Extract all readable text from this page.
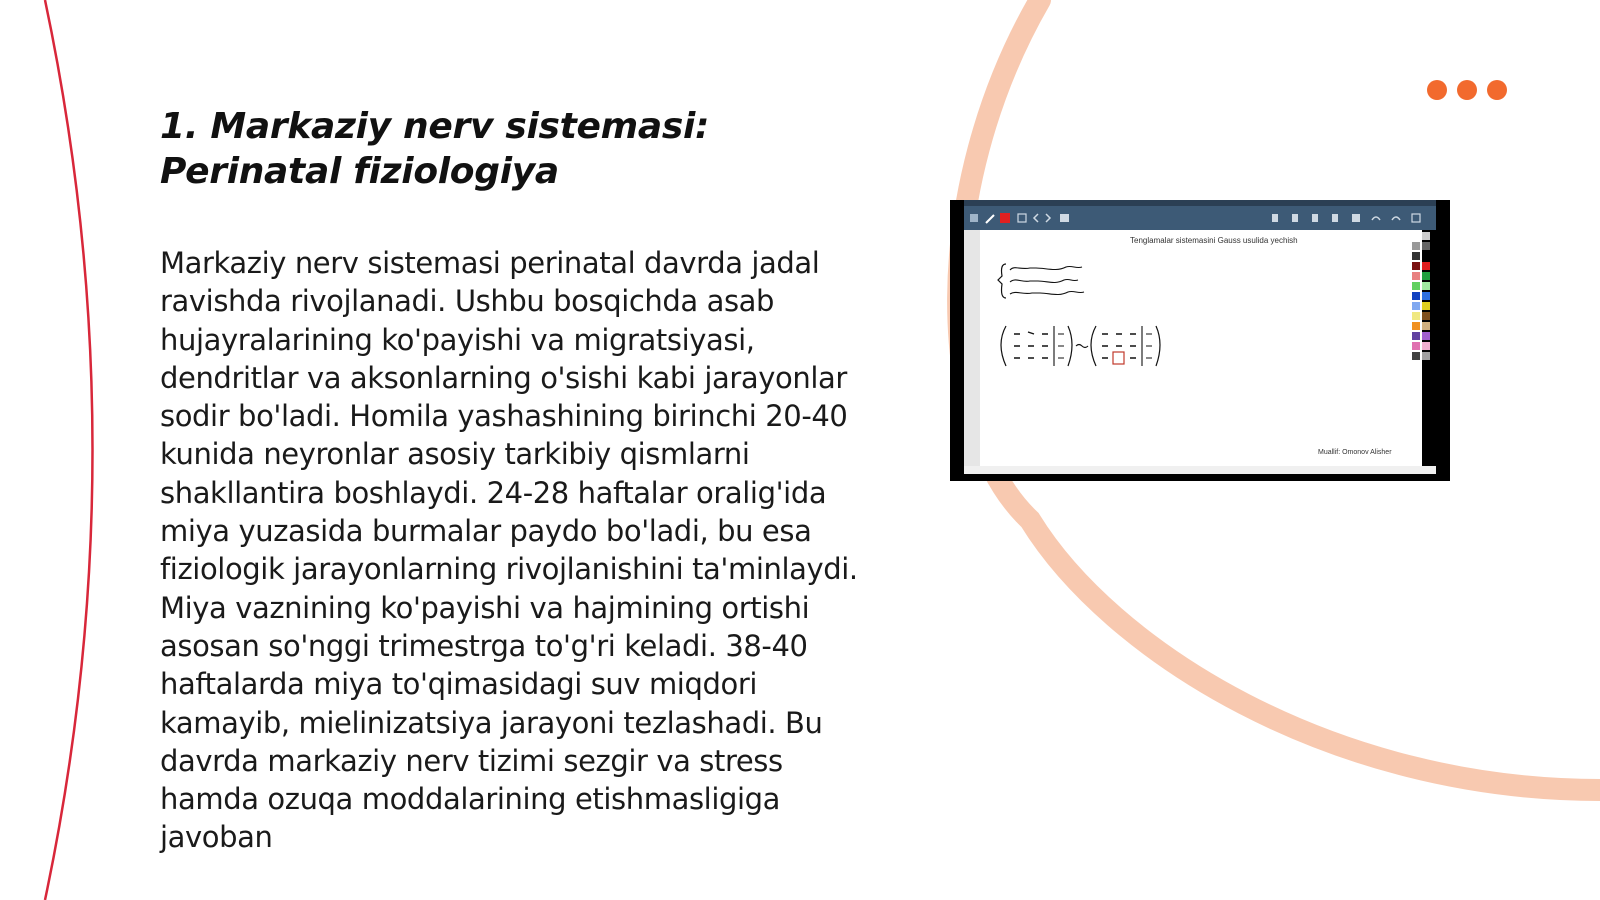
1. Markaziy nerv sistemasi: Perinatal fiziologiya

Markaziy nerv sistemasi perinatal davrda jadal ravishda rivojlanadi. Ushbu bosqichda asab hujayralarining ko'payishi va migratsiyasi, dendritlar va aksonlarning o'sishi kabi jarayonlar sodir bo'ladi. Homila yashashining birinchi 20-40 kunida neyronlar asosiy tarkibiy qismlarni shakllantira boshlaydi. 24-28 haftalar oralig'ida miya yuzasida burmalar paydo bo'ladi, bu esa fiziologik jarayonlarning rivojlanishini ta'minlaydi. Miya vaznining ko'payishi va hajmining ortishi asosan so'nggi trimestrga to'g'ri keladi. 38-40 haftalarda miya to'qimasidagi suv miqdori kamayib, mielinizatsiya jarayoni tezlashadi. Bu davrda markaziy nerv tizimi sezgir va stress hamda ozuqa moddalarining etishmasligiga javoban

Tenglamalar sistemasini Gauss usulida yechish
Muallif: Omonov Alisher
